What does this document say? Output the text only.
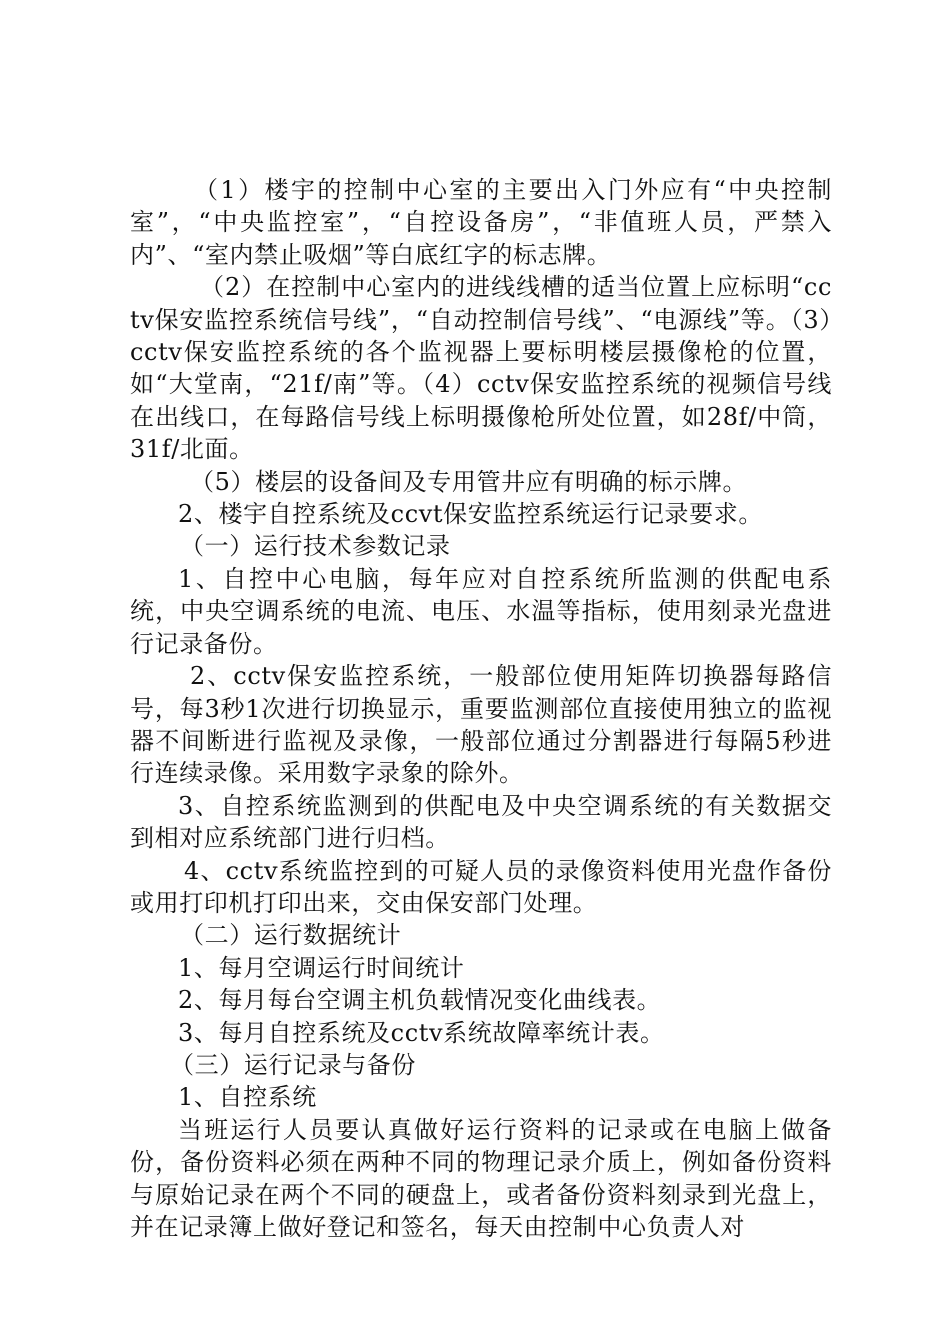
（1）楼宇的控制中心室的主要出入门外应有“中央控制室”，“中央监控室”，“自控设备房”，“非值班人员，严禁入内”、“室内禁止吸烟”等白底红字的标志牌。

（2）在控制中心室内的进线线槽的适当位置上应标明“cctv保安监控系统信号线”，“自动控制信号线”、“电源线”等。（3）cctv保安监控系统的各个监视器上要标明楼层摄像枪的位置，如“大堂南，“21f/南”等。（4）cctv保安监控系统的视频信号线在出线口，在每路信号线上标明摄像枪所处位置，如28f/中筒，31f/北面。

（5）楼层的设备间及专用管井应有明确的标示牌。

2、楼宇自控系统及ccvt保安监控系统运行记录要求。

（一）运行技术参数记录

1、自控中心电脑，每年应对自控系统所监测的供配电系统，中央空调系统的电流、电压、水温等指标，使用刻录光盘进行记录备份。

2、cctv保安监控系统，一般部位使用矩阵切换器每路信号，每3秒1次进行切换显示，重要监测部位直接使用独立的监视器不间断进行监视及录像，一般部位通过分割器进行每隔5秒进行连续录像。采用数字录象的除外。

3、自控系统监测到的供配电及中央空调系统的有关数据交到相对应系统部门进行归档。

4、cctv系统监控到的可疑人员的录像资料使用光盘作备份或用打印机打印出来，交由保安部门处理。

（二）运行数据统计

1、每月空调运行时间统计

2、每月每台空调主机负载情况变化曲线表。

3、每月自控系统及cctv系统故障率统计表。

（三）运行记录与备份

1、自控系统

当班运行人员要认真做好运行资料的记录或在电脑上做备份，备份资料必须在两种不同的物理记录介质上，例如备份资料与原始记录在两个不同的硬盘上，或者备份资料刻录到光盘上，并在记录簿上做好登记和签名，每天由控制中心负责人对
